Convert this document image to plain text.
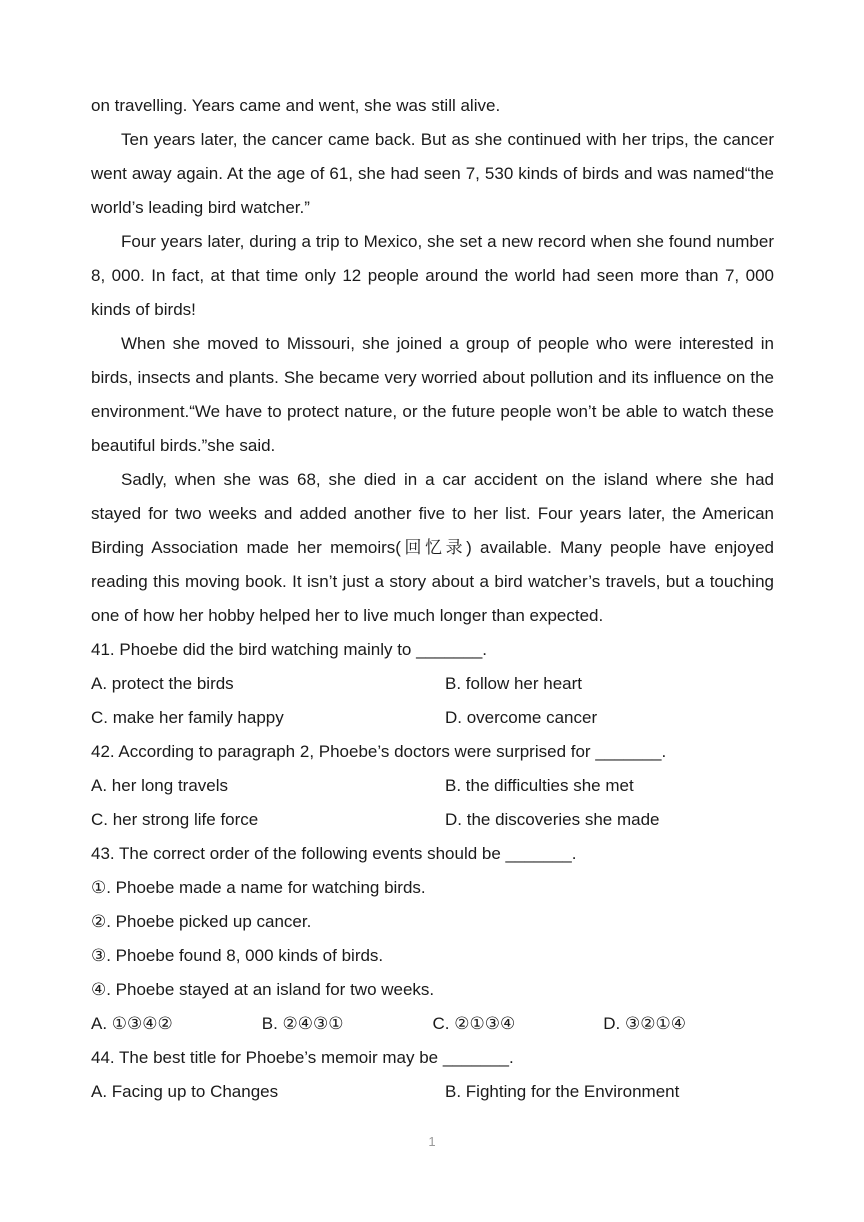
on travelling. Years came and went, she was still alive.

Ten years later, the cancer came back. But as she continued with her trips, the cancer went away again. At the age of 61, she had seen 7, 530 kinds of birds and was named“the world’s leading bird watcher.”

Four years later, during a trip to Mexico, she set a new record when she found number 8, 000. In fact, at that time only 12 people around the world had seen more than 7, 000 kinds of birds!

When she moved to Missouri, she joined a group of people who were interested in birds, insects and plants. She became very worried about pollution and its influence on the environment.“We have to protect nature, or the future people won’t be able to watch these beautiful birds.”she said.

Sadly, when she was 68, she died in a car accident on the island where she had stayed for two weeks and added another five to her list. Four years later, the American Birding Association made her memoirs(回忆录) available. Many people have enjoyed reading this moving book. It isn’t just a story about a bird watcher’s travels, but a touching one of how her hobby helped her to live much longer than expected.

41. Phoebe did the bird watching mainly to _______.
A. protect the birds	B. follow her heart
C. make her family happy	D. overcome cancer
42. According to paragraph 2, Phoebe’s doctors were surprised for _______.
A. her long travels	B. the difficulties she met
C. her strong life force	D. the discoveries she made
43. The correct order of the following events should be _______.
①. Phoebe made a name for watching birds.
②. Phoebe picked up cancer.
③. Phoebe found 8, 000 kinds of birds.
④. Phoebe stayed at an island for two weeks.
A. ①③④②	B. ②④③①	C. ②①③④	D. ③②①④
44. The best title for Phoebe’s memoir may be _______.
A. Facing up to Changes	B. Fighting for the Environment
1
